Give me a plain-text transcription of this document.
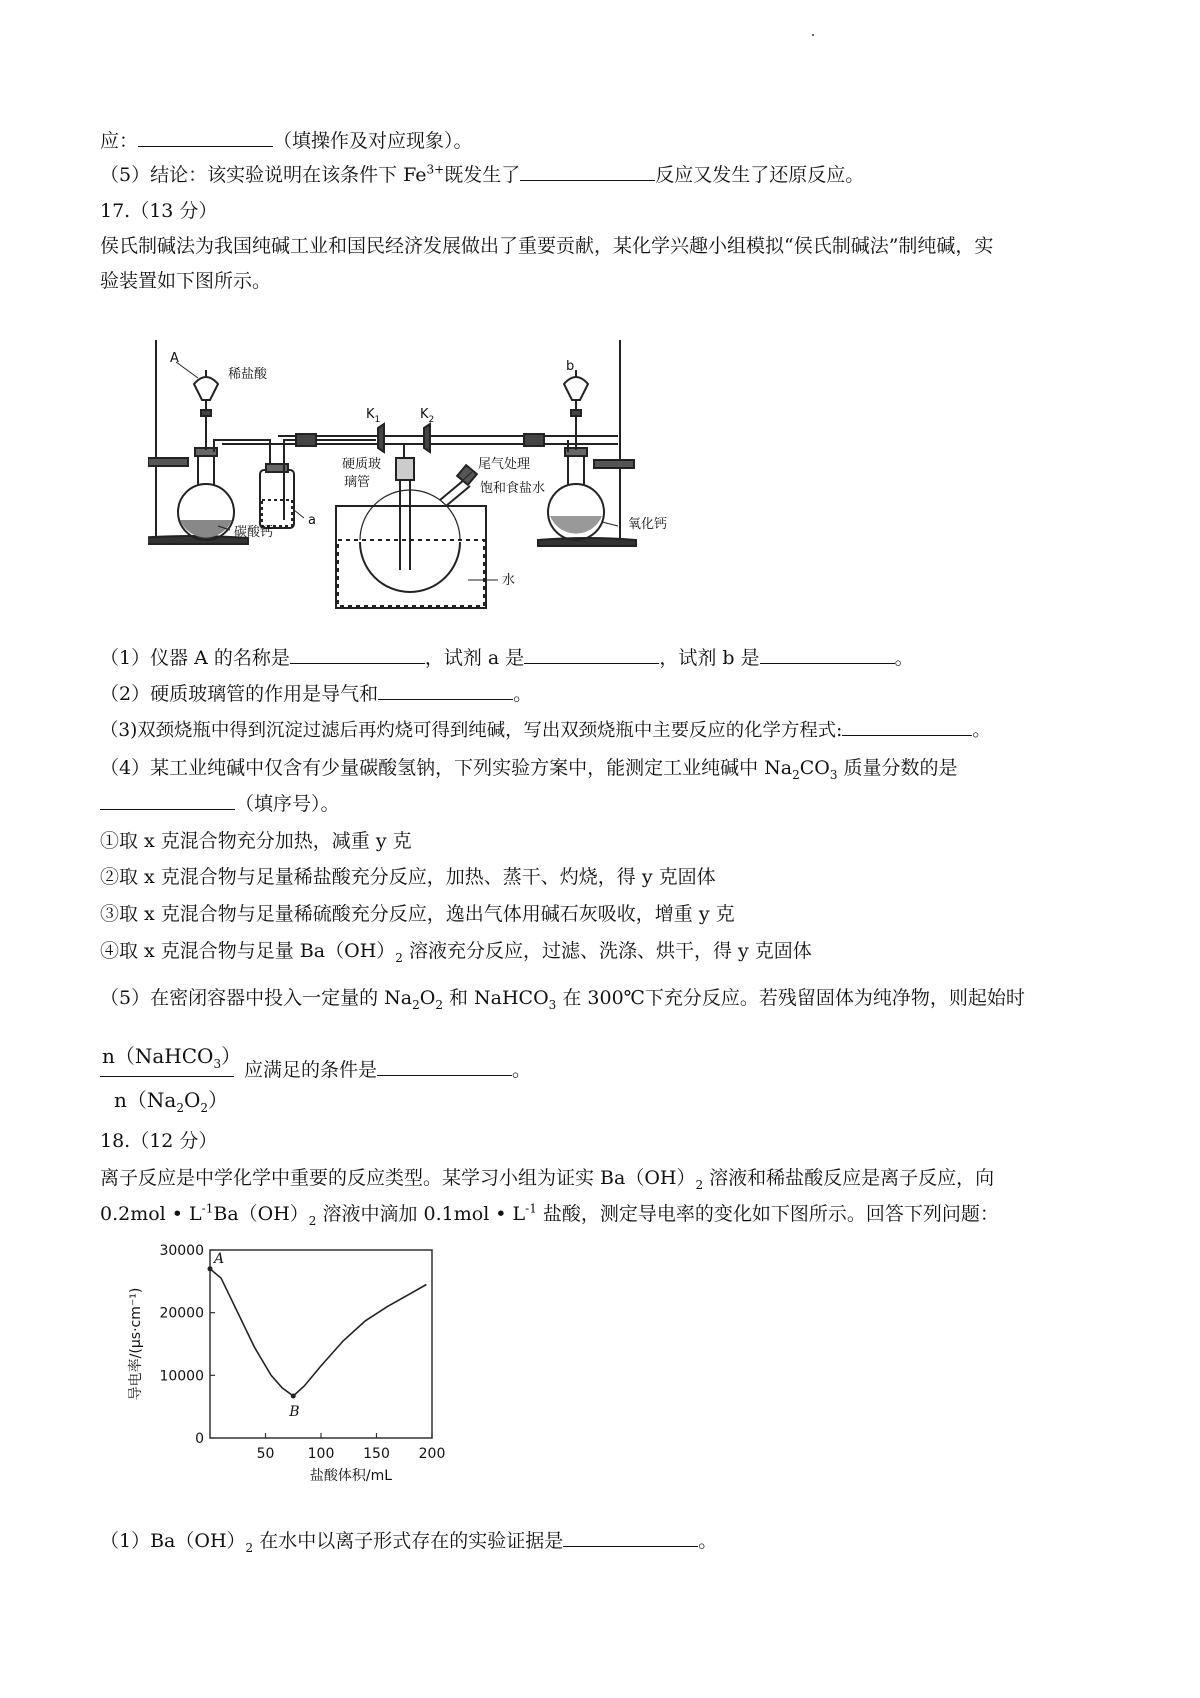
应：	（填操作及对应现象）。
（5）结论：该实验说明在该条件下 $Fe^{3+}$既发生了	反应又发生了还原反应。
17.（13 分）
侯氏制碱法为我国纯碱工业和国民经济发展做出了重要贡献，某化学兴趣小组模拟“侯氏制碱法”制纯碱，实
验装置如下图所示。
A
稀盐酸
$K_1$	$K_2$
b
硬质玻
璃管
尾气处理
饱和食盐水
a
碳酸钙
氧化钙
水
（1）仪器 A 的名称是	，试剂 a 是	，试剂 b 是	。
（2）硬质玻璃管的作用是导气和	。
（3)双颈烧瓶中得到沉淀过滤后再灼烧可得到纯碱，写出双颈烧瓶中主要反应的化学方程式:	。
（4）某工业纯碱中仅含有少量碳酸氢钠，下列实验方案中，能测定工业纯碱中 $Na_2CO_3$ 质量分数的是
（填序号）。
①取 x 克混合物充分加热，减重 y 克
②取 x 克混合物与足量稀盐酸充分反应，加热、蒸干、灼烧，得 y 克固体
③取 x 克混合物与足量稀硫酸充分反应，逸出气体用碱石灰吸收，增重 y 克
④取 x 克混合物与足量 $Ba(OH)_2$ 溶液充分反应，过滤、洗涤、烘干，得 y 克固体
（5）在密闭容器中投入一定量的 $Na_2O_2$ 和 NaHCO$_3$ 在 300℃下充分反应。若残留固体为纯净物，则起始时
n（NaHCO$_3$）
$n(Na_2O_2)$
应满足的条件是	。
18.（12 分）
离子反应是中学化学中重要的反应类型。某学习小组为证实 $Ba(OH)_2$ 溶液和稀盐酸反应是离子反应，向
0.2mol • $L^{-1}Ba(OH)_2$ 溶液中滴加 0.1mol • $L^{-1}$ 盐酸，测定导电率的变化如下图所示。回答下列问题：
0
10000
20000
30000
50 100 150 200
A
B
盐酸体积/mL
导电率/(μs·cm⁻¹)
$(1)Ba(OH)_2$ 在水中以离子形式存在的实验证据是	。
